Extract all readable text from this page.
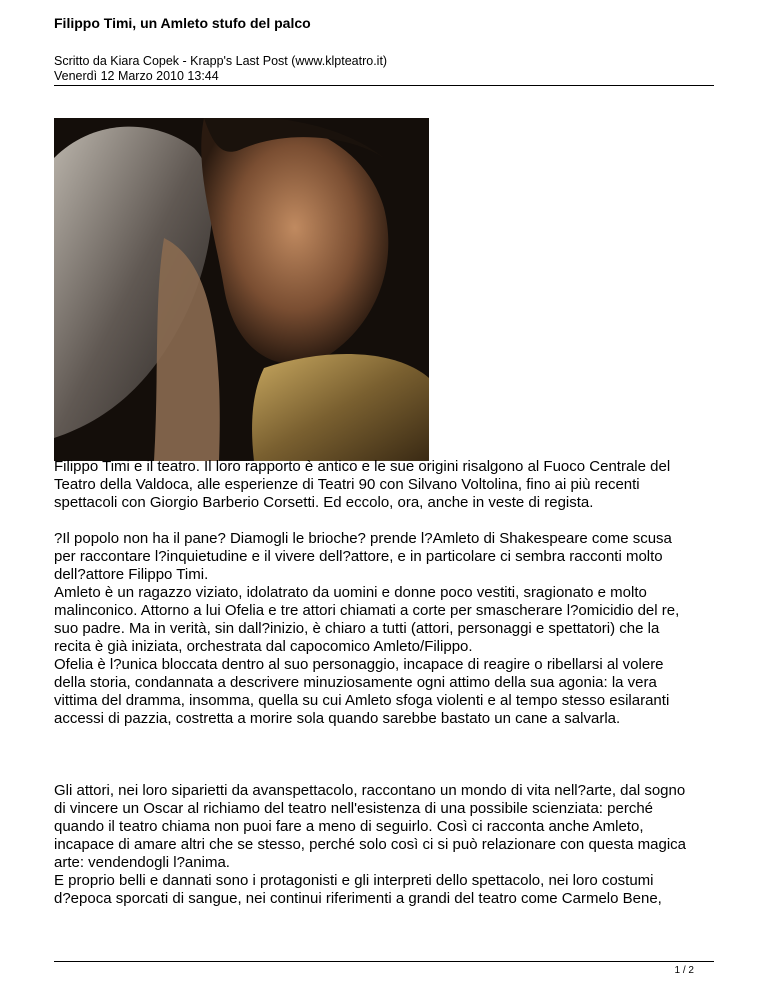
Filippo Timi, un Amleto stufo del palco
Scritto da Kiara Copek - Krapp's Last Post (www.klpteatro.it)
Venerdì 12 Marzo 2010 13:44

Filippo Timi e il teatro. Il loro rapporto è antico e le sue origini risalgono al Fuoco Centrale del

Teatro della Valdoca, alle esperienze di Teatri 90 con Silvano Voltolina, fino ai più recenti

spettacoli con Giorgio Barberio Corsetti. Ed eccolo, ora, anche in veste di regista.

?Il popolo non ha il pane? Diamogli le brioche? prende l?Amleto di Shakespeare come scusa

per raccontare l?inquietudine e il vivere dell?attore, e in particolare ci sembra racconti molto

dell?attore Filippo Timi.

Amleto è un ragazzo viziato, idolatrato da uomini e donne poco vestiti, sragionato e molto

malinconico. Attorno a lui Ofelia e tre attori chiamati a corte per smascherare l?omicidio del re,

suo padre. Ma in verità, sin dall?inizio, è chiaro a tutti (attori, personaggi e spettatori) che la

recita è già iniziata, orchestrata dal capocomico Amleto/Filippo.

Ofelia è l?unica bloccata dentro al suo personaggio, incapace di reagire o ribellarsi al volere

della storia, condannata a descrivere minuziosamente ogni attimo della sua agonia: la vera

vittima del dramma, insomma, quella su cui Amleto sfoga violenti e al tempo stesso esilaranti

accessi di pazzia, costretta a morire sola quando sarebbe bastato un cane a salvarla.

Gli attori, nei loro siparietti da avanspettacolo, raccontano un mondo di vita nell?arte, dal sogno

di vincere un Oscar al richiamo del teatro nell'esistenza di una possibile scienziata: perché

quando il teatro chiama non puoi fare a meno di seguirlo. Così ci racconta anche Amleto,

incapace di amare altri che se stesso, perché solo così ci si può relazionare con questa magica

arte: vendendogli l?anima.

E proprio belli e dannati sono i protagonisti e gli interpreti dello spettacolo, nei loro costumi

d?epoca sporcati di sangue, nei continui riferimenti a grandi del teatro come Carmelo Bene,

1 / 2
